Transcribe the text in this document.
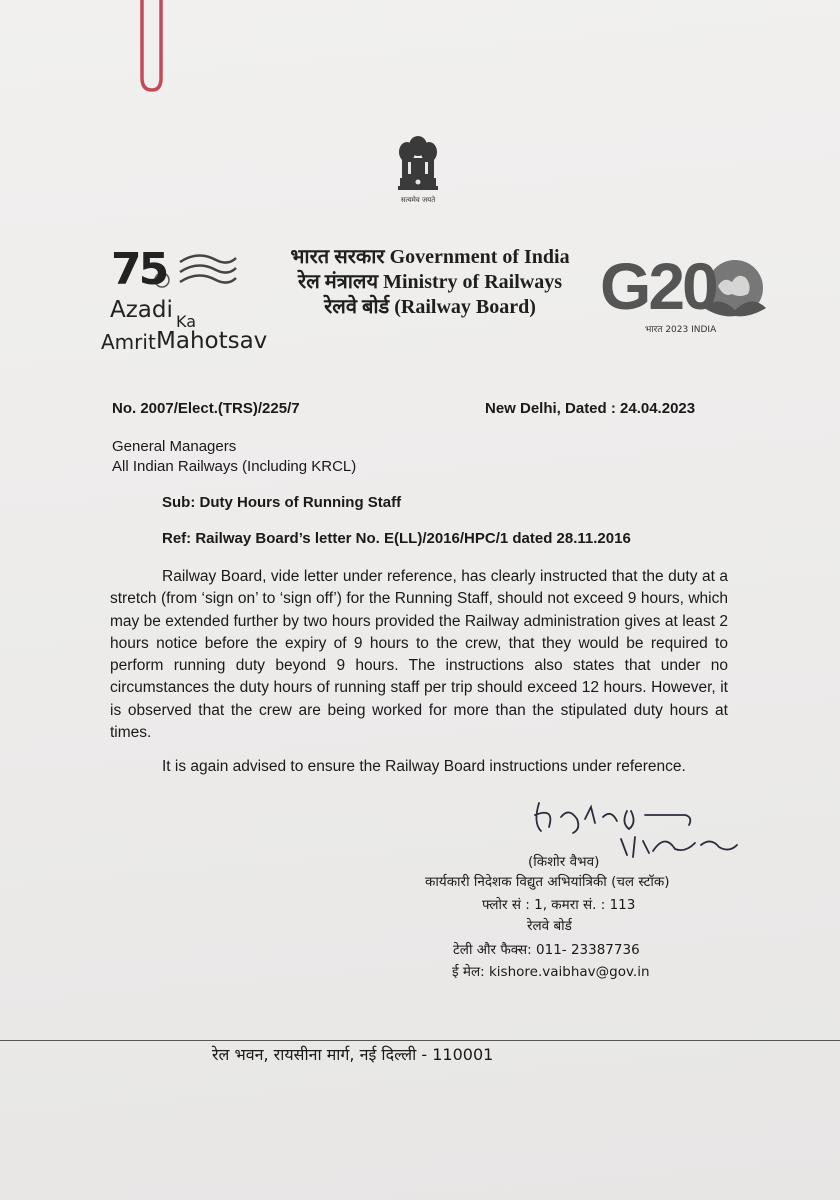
सत्यमेव जयते
75
Azadi Ka
Amrit Mahotsav
भारत सरकार Government of India
रेल मंत्रालय Ministry of Railways
रेलवे बोर्ड (Railway Board) G20
भारत 2023 INDIA
No. 2007/Elect.(TRS)/225/7	New Delhi, Dated : 24.04.2023
General Managers
All Indian Railways (Including KRCL)
Sub: Duty Hours of Running Staff
Ref: Railway Board’s letter No. E(LL)/2016/HPC/1 dated 28.11.2016

Railway Board, vide letter under reference, has clearly instructed that the duty at a stretch (from ‘sign on’ to ‘sign off’) for the Running Staff, should not exceed 9 hours, which may be extended further by two hours provided the Railway administration gives at least 2 hours notice before the expiry of 9 hours to the crew, that they would be required to perform running duty beyond 9 hours. The instructions also states that under no circumstances the duty hours of running staff per trip should exceed 12 hours. However, it is observed that the crew are being worked for more than the stipulated duty hours at times.

It is again advised to ensure the Railway Board instructions under reference.

(किशोर वैभव)
कार्यकारी निदेशक विद्युत अभियांत्रिकी (चल स्टॉक)
फ्लोर सं : 1, कमरा सं. : 113
रेलवे बोर्ड
टेली और फैक्स: 011- 23387736
ई मेल: kishore.vaibhav@gov.in
रेल भवन, रायसीना मार्ग, नई दिल्ली - 110001
